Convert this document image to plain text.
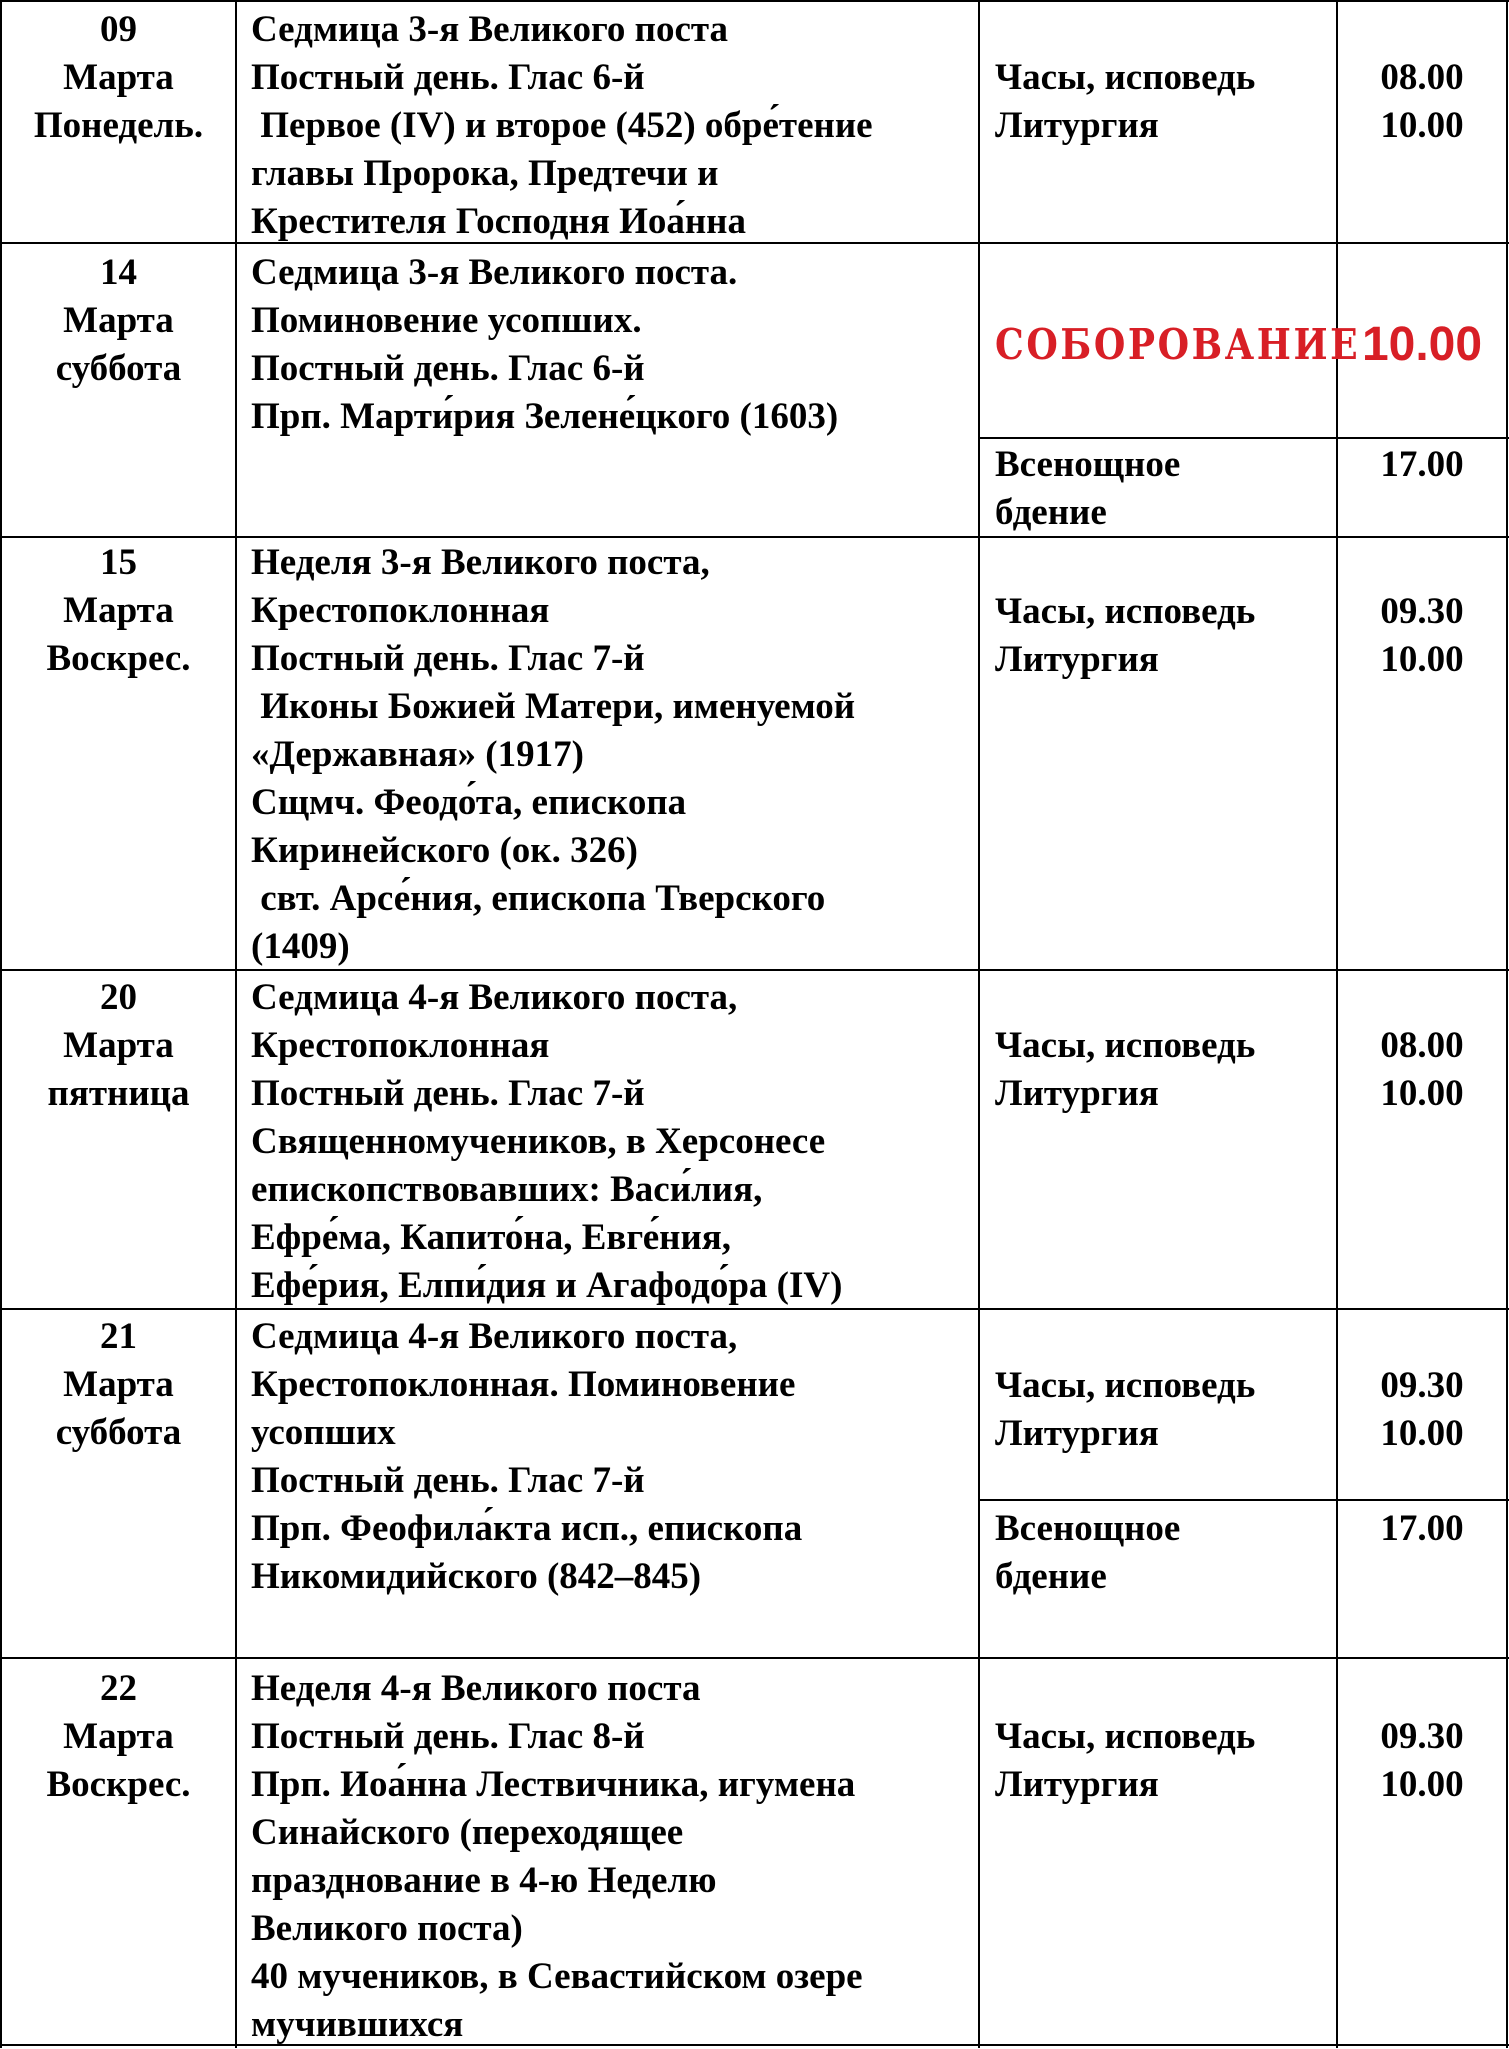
09
Марта
Понедель.
Седмица 3-я Великого поста
Постный день. Глас 6-й
Первое (IV) и второе (452) обре́тение
главы Пророка, Предтечи и
Крестителя Господня Иоа́нна
Часы, исповедь
Литургия
08.00
10.00
14
Марта
суббота
Седмица 3-я Великого поста.
Поминовение усопших.
Постный день. Глас 6-й
Прп. Марти́рия Зелене́цкого (1603)
СОБОРОВАНИЕ 10.00
Всенощное
бдение
17.00
15
Марта
Воскрес.
Неделя 3-я Великого поста,
Крестопоклонная
Постный день. Глас 7-й
Иконы Божией Матери, именуемой
«Державная» (1917)
Сщмч. Феодо́та, епископа
Киринейского (ок. 326)
свт. Арсе́ния, епископа Тверского
(1409)
Часы, исповедь
Литургия
09.30
10.00
20
Марта
пятница
Седмица 4-я Великого поста,
Крестопоклонная
Постный день. Глас 7-й
Священномучеников, в Херсонесе
епископствовавших: Васи́лия,
Ефре́ма, Капито́на, Евге́ния,
Ефе́рия, Елпи́дия и Агафодо́ра (IV)
Часы, исповедь
Литургия
08.00
10.00
21
Марта
суббота
Седмица 4-я Великого поста,
Крестопоклонная. Поминовение
усопших
Постный день. Глас 7-й
Прп. Феофила́кта исп., епископа
Никомидийского (842–845)
Часы, исповедь
Литургия
09.30
10.00
Всенощное
бдение
17.00
22
Марта
Воскрес.
Неделя 4-я Великого поста
Постный день. Глас 8-й
Прп. Иоа́нна Лествичника, игумена
Синайского (переходящее
празднование в 4-ю Неделю
Великого поста)
40 мучеников, в Севастийском озере
мучившихся
Часы, исповедь
Литургия
09.30
10.00
